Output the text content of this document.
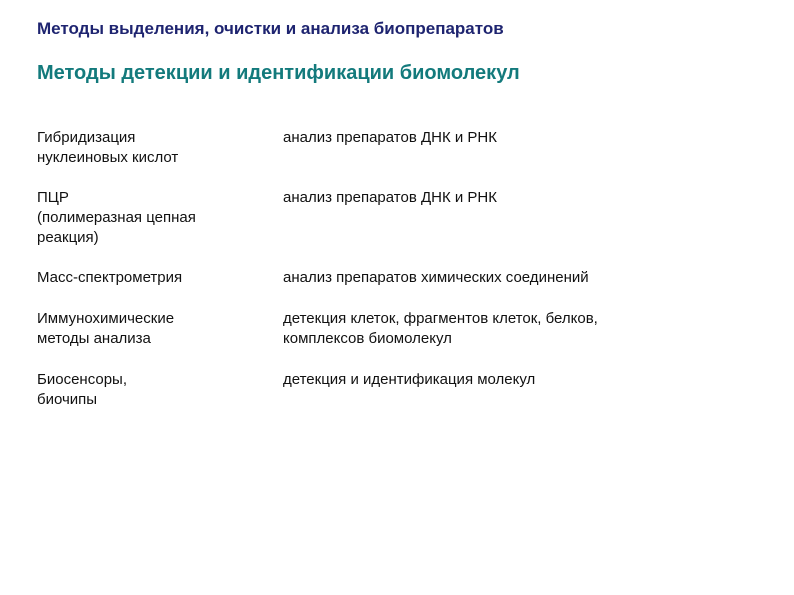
Методы выделения, очистки и анализа биопрепаратов
Методы детекции и идентификации биомолекул
Гибридизация
нуклеиновых кислот
анализ препаратов ДНК и РНК
ПЦР
(полимеразная цепная
реакция)
анализ препаратов ДНК и РНК
Масс-спектрометрия	анализ препаратов химических соединений
Иммунохимические
методы анализа
детекция клеток, фрагментов клеток, белков,
комплексов биомолекул
Биосенсоры,
биочипы
детекция и идентификация молекул
